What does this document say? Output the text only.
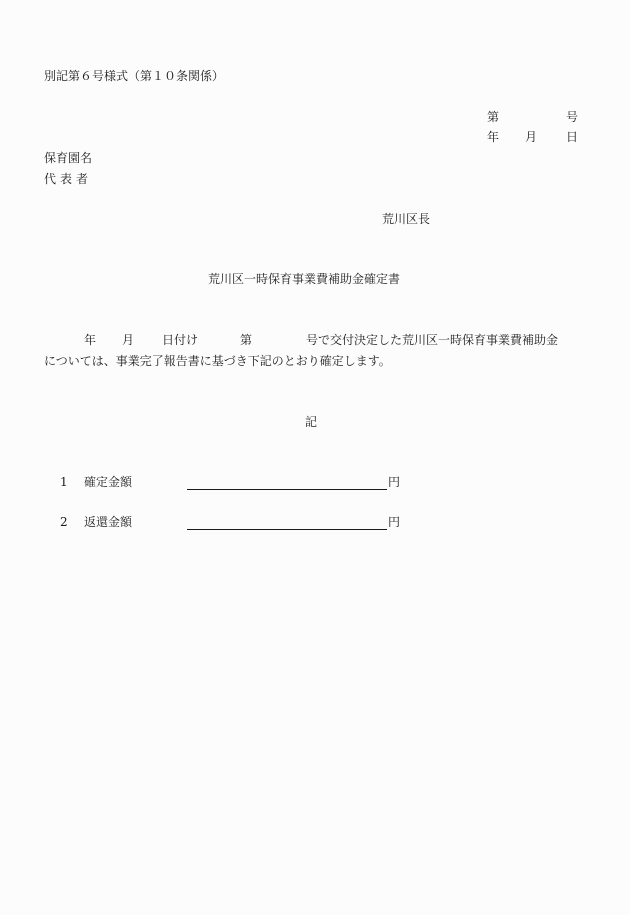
別記第６号様式（第１０条関係）
第	号
年 月 日
保育園名
代表者
荒川区長
荒川区一時保育事業費補助金確定書
年 月 日付け	第	号で交付決定した荒川区一時保育事業費補助金
については、事業完了報告書に基づき下記のとおり確定します。
記
1 確定金額	円
2 返還金額	円
